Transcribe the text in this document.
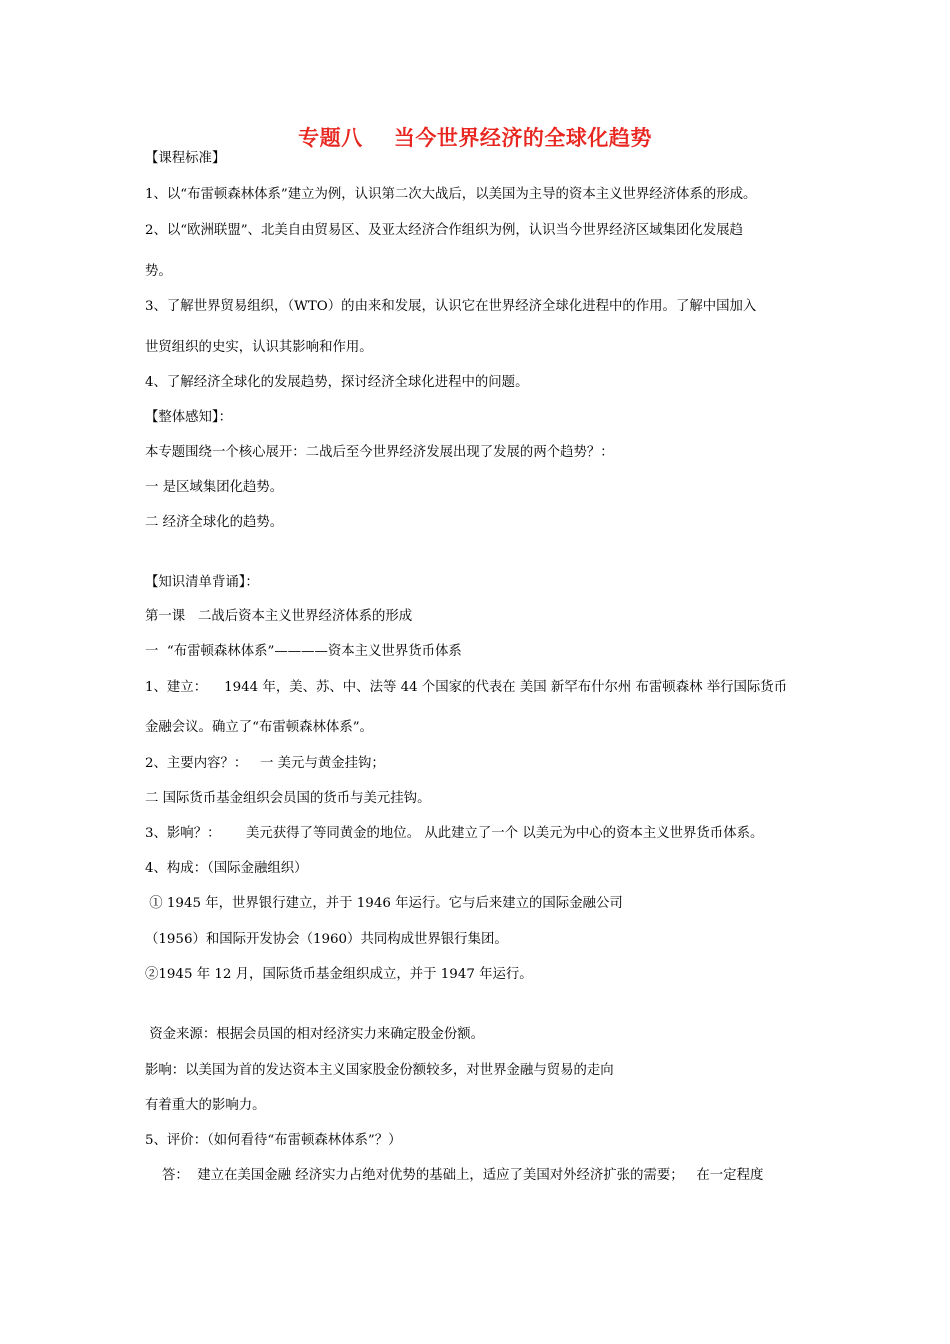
专题八    当今世界经济的全球化趋势
【课程标准】
1、以“布雷顿森林体系”建立为例，认识第二次大战后，以美国为主导的资本主义世界经济体系的形成。
2、以“欧洲联盟”、北美自由贸易区、及亚太经济合作组织为例，认识当今世界经济区域集团化发展趋
势。
3、了解世界贸易组织，（WTO）的由来和发展，认识它在世界经济全球化进程中的作用。了解中国加入
世贸组织的史实，认识其影响和作用。
4、了解经济全球化的发展趋势，探讨经济全球化进程中的问题。
【整体感知】：
本专题围绕一个核心展开：二战后至今世界经济发展出现了发展的两个趋势？：
一 是区域集团化趋势。
二 经济全球化的趋势。
【知识清单背诵】：
第一课   二战后资本主义世界经济体系的形成
一  “布雷顿森林体系”————资本主义世界货币体系
1、建立：    1944 年，美、苏、中、法等 44 个国家的代表在 美国 新罕布什尔州 布雷顿森林 举行国际货币
金融会议。确立了“布雷顿森林体系”。
2、主要内容？：   一 美元与黄金挂钩；
二 国际货币基金组织会员国的货币与美元挂钩。
3、影响？：      美元获得了等同黄金的地位。 从此建立了一个 以美元为中心的资本主义世界货币体系。
4、构成：（国际金融组织）
① 1945 年，世界银行建立，并于 1946 年运行。它与后来建立的国际金融公司
（1956）和国际开发协会（1960）共同构成世界银行集团。
②1945 年 12 月，国际货币基金组织成立，并于 1947 年运行。
资金来源：根据会员国的相对经济实力来确定股金份额。
影响：以美国为首的发达资本主义国家股金份额较多，对世界金融与贸易的走向
有着重大的影响力。
5、评价：（如何看待“布雷顿森林体系”？）
答：  建立在美国金融 经济实力占绝对优势的基础上，适应了美国对外经济扩张的需要；   在一定程度
